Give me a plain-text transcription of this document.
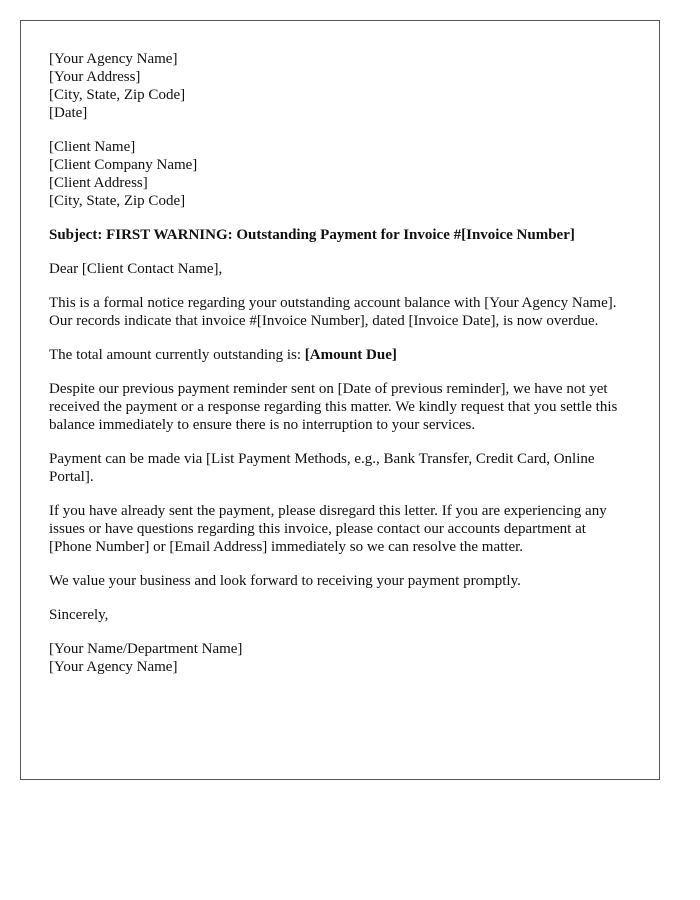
[Your Agency Name]
[Your Address]
[City, State, Zip Code]
[Date]
[Client Name]
[Client Company Name]
[Client Address]
[City, State, Zip Code]

Subject: FIRST WARNING: Outstanding Payment for Invoice #[Invoice Number]

Dear [Client Contact Name],

This is a formal notice regarding your outstanding account balance with [Your Agency Name]. Our records indicate that invoice #[Invoice Number], dated [Invoice Date], is now overdue.

The total amount currently outstanding is: [Amount Due]

Despite our previous payment reminder sent on [Date of previous reminder], we have not yet received the payment or a response regarding this matter. We kindly request that you settle this balance immediately to ensure there is no interruption to your services.

Payment can be made via [List Payment Methods, e.g., Bank Transfer, Credit Card, Online Portal].

If you have already sent the payment, please disregard this letter. If you are experiencing any issues or have questions regarding this invoice, please contact our accounts department at [Phone Number] or [Email Address] immediately so we can resolve the matter.

We value your business and look forward to receiving your payment promptly.

Sincerely,

[Your Name/Department Name]
[Your Agency Name]
